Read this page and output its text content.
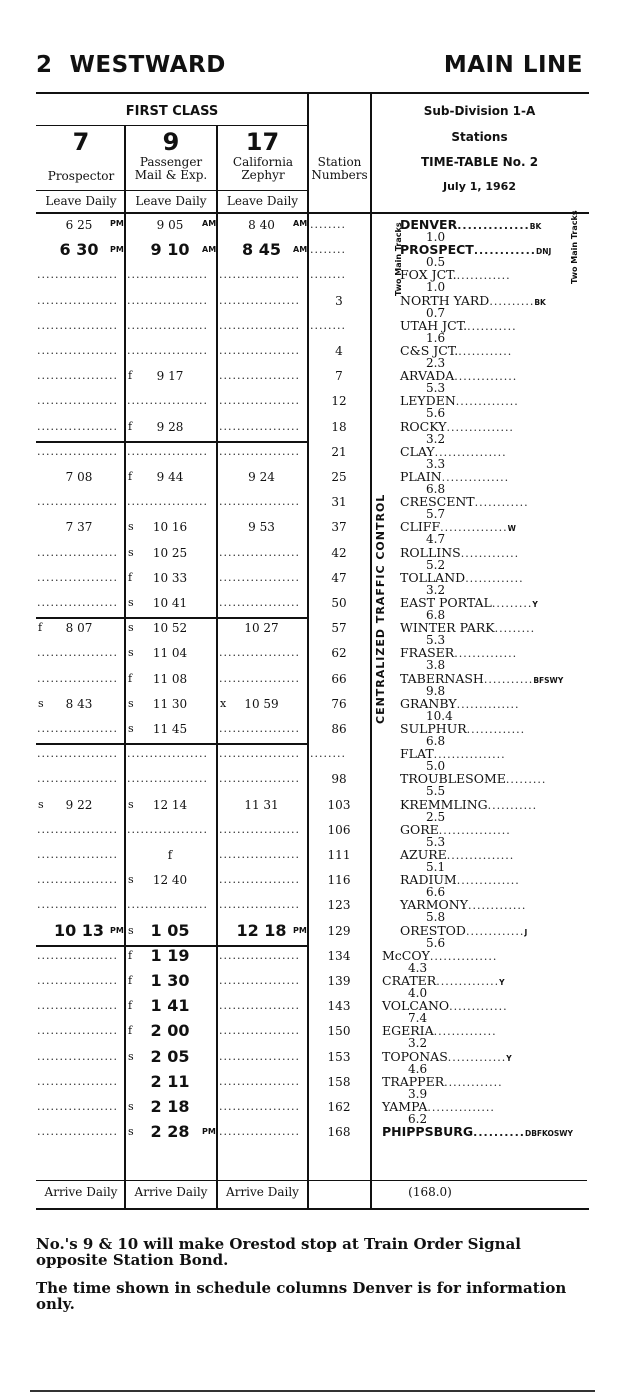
2 WESTWARD	MAIN LINE
FIRST CLASS
7	9	17
Prospector
Passenger Mail & Exp.
California Zephyr
Station Numbers
Sub-Division 1-A
Stations
TIME-TABLE No. 2
July 1, 1962
Leave Daily	Leave Daily	Leave Daily
6 25	PM	9 05	AM	8 40	AM ........	DENVER..............BK
1.0
6 30	PM	9 10	AM	8 45	AM ........	PROSPECT............DNJ
0.5
.................. ..................	.................. ........	FOX JCT.............
1.0
.................. ..................	..................	3	NORTH YARD..........BK
0.7
.................. ..................	.................. ........	UTAH JCT............
1.6
.................. ..................	..................	4	C&S JCT.............
2.3
.................. f	9 17	..................	7	ARVADA..............
5.3
.................. ..................	..................	12	LEYDEN..............
5.6
.................. f	9 28	..................	18	ROCKY...............
3.2
.................. ..................	..................	21	CLAY................
3.3
7 08	f	9 44	9 24	25	PLAIN...............
6.8
.................. ..................	..................	31	CRESCENT............
5.7
7 37	s	10 16	9 53	37	CLIFF...............W
4.7
.................. s	10 25	..................	42	ROLLINS.............
5.2
.................. f	10 33	..................	47	TOLLAND.............
3.2
.................. s	10 41	..................	50	EAST PORTAL.........Y
6.8
f	8 07	s	10 52	10 27	57	WINTER PARK.........
5.3
.................. s	11 04	..................	62	FRASER..............
3.8
.................. f	11 08	..................	66	TABERNASH...........BFSWY
9.8
s	8 43	s	11 30	x	10 59	76	GRANBY..............
10.4
.................. s	11 45	..................	86	SULPHUR.............
6.8
.................. ..................	.................. ........	FLAT................
5.0
.................. ..................	..................	98	TROUBLESOME.........
5.5
s	9 22	s	12 14	11 31	103	KREMMLING...........
2.5
.................. ..................	..................	106	GORE................
5.3
..................	f	..................	111	AZURE...............
5.1
.................. s	12 40	..................	116	RADIUM..............
6.6
.................. ..................	..................	123	YARMONY.............
5.8
10 13 PM s	1 05	12 18 PM	129	ORESTOD.............J
5.6
.................. f	1 19	..................	134	McCOY...............
4.3
.................. f	1 30	..................	139	CRATER..............Y
4.0
.................. f	1 41	..................	143	VOLCANO.............
7.4
.................. f	2 00	..................	150	EGERIA..............
3.2
.................. s	2 05	..................	153	TOPONAS.............Y
4.6
..................	2 11	..................	158	TRAPPER.............
3.9
.................. s	2 18	..................	162	YAMPA...............
6.2
.................. s	2 28	PM ..................	168	PHIPPSBURG..........DBFKOSWY
CENTRALIZED TRAFFIC CONTROL
Two Main Tracks	Two Main Tracks
Arrive Daily	Arrive Daily	Arrive Daily	(168.0)
No.'s 9 & 10 will make Orestod stop at Train Order Signal opposite Station Bond.
The time shown in schedule columns Denver is for information only.
